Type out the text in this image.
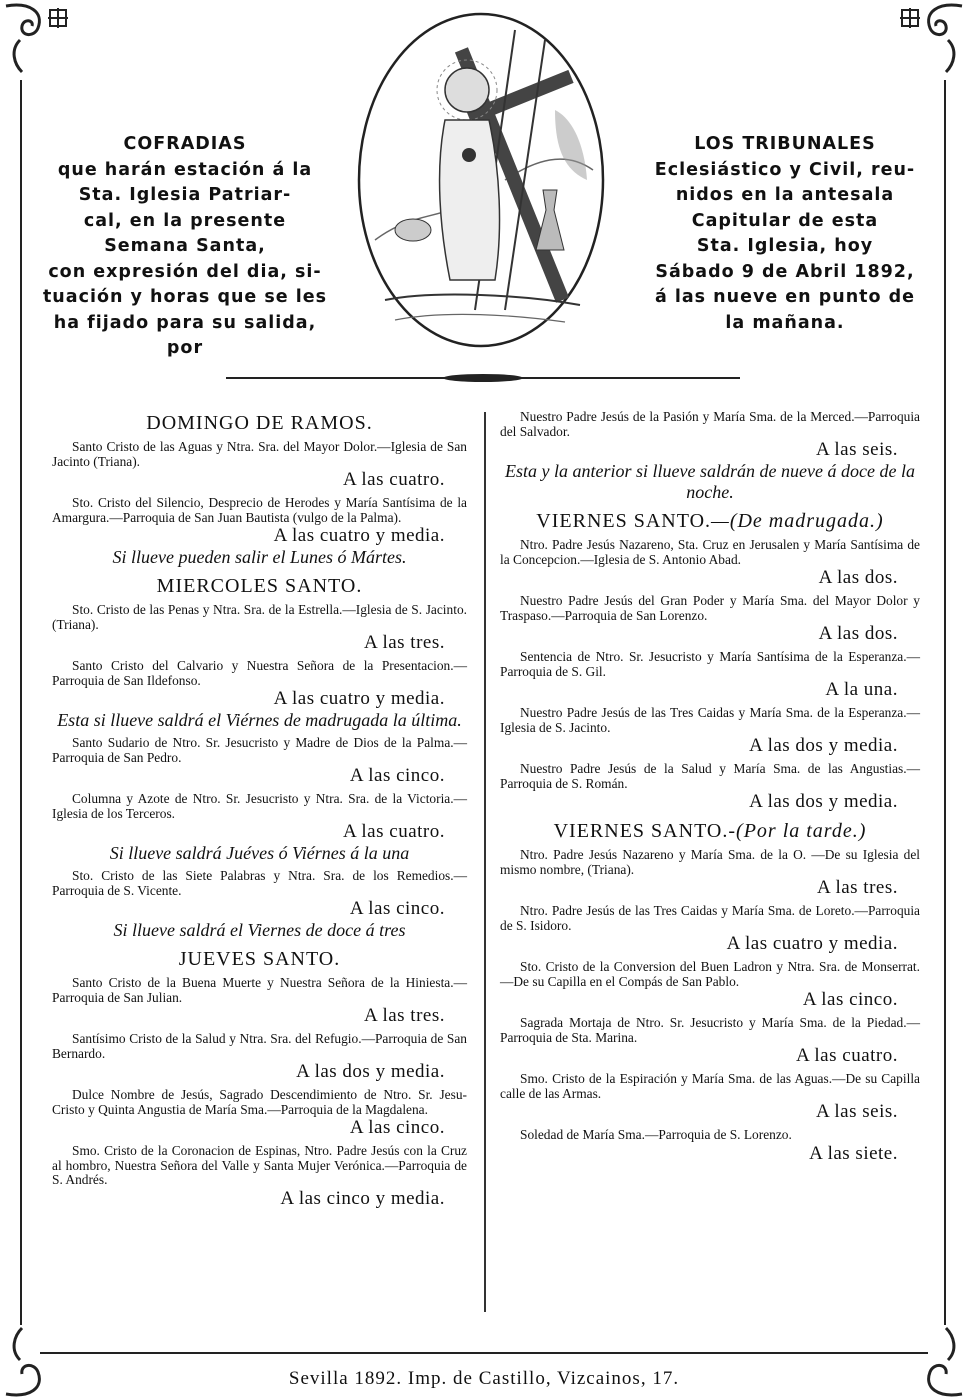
COFRADIAS
que harán estación á la
Sta. Iglesia Patriar-
cal, en la presente
Semana Santa,
con expresión del dia, si-
tuación y horas que se les
ha fijado para su salida,
por
LOS TRIBUNALES
Eclesiástico y Civil, reu-
nidos en la antesala
Capitular de esta
Sta. Iglesia, hoy
Sábado 9 de Abril 1892,
á las nueve en punto de
la mañana.
DOMINGO DE RAMOS.
Santo Cristo de las Aguas y Ntra. Sra. del Mayor Dolor.—Iglesia de San Jacinto (Triana).
A las cuatro.
Sto. Cristo del Silencio, Desprecio de Herodes y María Santísima de la Amargura.—Parroquia de San Juan Bautista (vulgo de la Palma).
A las cuatro y media.
Si llueve pueden salir el Lunes ó Mártes.
MIERCOLES SANTO.
Sto. Cristo de las Penas y Ntra. Sra. de la Estrella.—Iglesia de S. Jacinto. (Triana).
A las tres.
Santo Cristo del Calvario y Nuestra Señora de la Presentacion.—Parroquia de San Ildefonso.
A las cuatro y media.
Esta si llueve saldrá el Viérnes de madrugada la última.
Santo Sudario de Ntro. Sr. Jesucristo y Madre de Dios de la Palma.—Parroquia de San Pedro.
A las cinco.
Columna y Azote de Ntro. Sr. Jesucristo y Ntra. Sra. de la Victoria.—Iglesia de los Terceros.
A las cuatro.
Si llueve saldrá Juéves ó Viérnes á la una
Sto. Cristo de las Siete Palabras y Ntra. Sra. de los Remedios.—Parroquia de S. Vicente.
A las cinco.
Si llueve saldrá el Viernes de doce á tres
JUEVES SANTO.
Santo Cristo de la Buena Muerte y Nuestra Señora de la Hiniesta.—Parroquia de San Julian.
A las tres.
Santísimo Cristo de la Salud y Ntra. Sra. del Refugio.—Parroquia de San Bernardo.
A las dos y media.
Dulce Nombre de Jesús, Sagrado Descendimiento de Ntro. Sr. Jesu-Cristo y Quinta Angustia de María Sma.—Parroquia de la Magdalena.
A las cinco.
Smo. Cristo de la Coronacion de Espinas, Ntro. Padre Jesús con la Cruz al hombro, Nuestra Señora del Valle y Santa Mujer Verónica.—Parroquia de S. Andrés.
A las cinco y media.
Nuestro Padre Jesús de la Pasión y María Sma. de la Merced.—Parroquia del Salvador.
A las seis.
Esta y la anterior si llueve saldrán de nueve á doce de la noche.
VIERNES SANTO.—(De madrugada.)
Ntro. Padre Jesús Nazareno, Sta. Cruz en Jerusalen y María Santísima de la Concepcion.—Iglesia de S. Antonio Abad.
A las dos.
Nuestro Padre Jesús del Gran Poder y María Sma. del Mayor Dolor y Traspaso.—Parroquia de San Lorenzo.
A las dos.
Sentencia de Ntro. Sr. Jesucristo y María Santísima de la Esperanza.—Parroquia de S. Gil.
A la una.
Nuestro Padre Jesús de las Tres Caidas y María Sma. de la Esperanza.—Iglesia de S. Jacinto.
A las dos y media.
Nuestro Padre Jesús de la Salud y María Sma. de las Angustias.—Parroquia de S. Román.
A las dos y media.
VIERNES SANTO.-(Por la tarde.)
Ntro. Padre Jesús Nazareno y María Sma. de la O. —De su Iglesia del mismo nombre, (Triana).
A las tres.
Ntro. Padre Jesús de las Tres Caidas y María Sma. de Loreto.—Parroquia de S. Isidoro.
A las cuatro y media.
Sto. Cristo de la Conversion del Buen Ladron y Ntra. Sra. de Monserrat.—De su Capilla en el Compás de San Pablo.
A las cinco.
Sagrada Mortaja de Ntro. Sr. Jesucristo y María Sma. de la Piedad.—Parroquia de Sta. Marina.
A las cuatro.
Smo. Cristo de la Espiración y María Sma. de las Aguas.—De su Capilla calle de las Armas.
A las seis.
Soledad de María Sma.—Parroquia de S. Lorenzo.
A las siete.
Sevilla 1892. Imp. de Castillo, Vizcainos, 17.
